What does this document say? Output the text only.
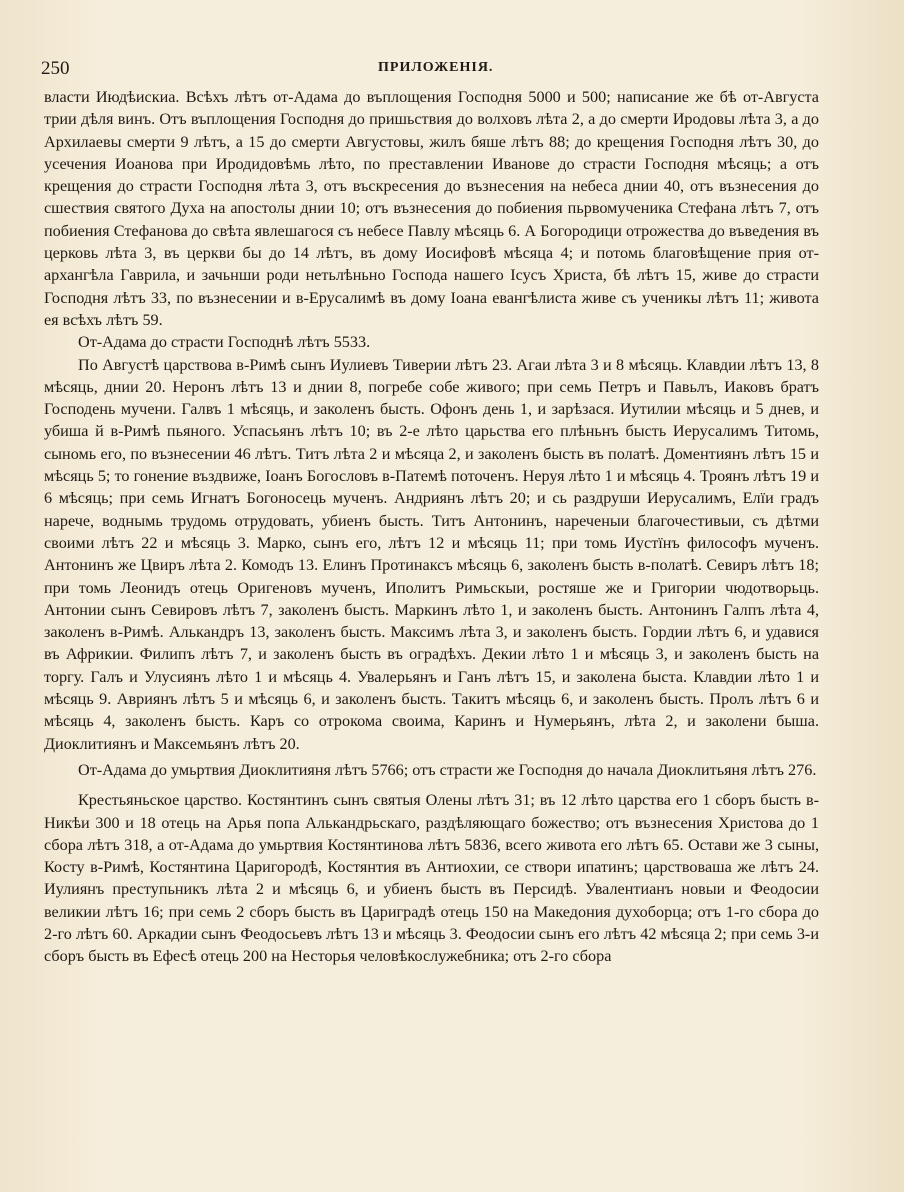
250	ПРИЛОЖЕНІЯ.

власти Июдѣискиа. Всѣхъ лѣтъ от-Адама до въплощения Господня 5000 и 500; написание же бѣ от-Августа трии дѣля винъ. Отъ въплощения Господня до пришьствия до волховъ лѣта 2, а до смерти Иродовы лѣта 3, а до Архилаевы смерти 9 лѣтъ, а 15 до смерти Августовы, жилъ бяше лѣтъ 88; до крещения Господня лѣтъ 30, до усечения Иоанова при Иродидовѣмь лѣто, по преставлении Иванове до страсти Господня мѣсяць; а отъ крещения до страсти Господня лѣта 3, отъ въскресения до възнесения на небеса днии 40, отъ възнесения до сшествия святого Духа на апостолы днии 10; отъ възнесения до побиения пьрвомученика Стефана лѣтъ 7, отъ побиения Стефанова до свѣта явлешагося съ небесе Павлу мѣсяць 6. А Богородици отрожества до въведения въ церковь лѣта 3, въ церкви бы до 14 лѣтъ, въ дому Иосифовѣ мѣсяца 4; и потомь благовѣщение прия от-архангѣла Гаврила, и зачьнши роди нетьлѣньно Господа нашего Ісусъ Христа, бѣ лѣтъ 15, живе до страсти Господня лѣтъ 33, по възнесении и в-Ерусалимѣ въ дому Іоана евангѣлиста живе съ ученикы лѣтъ 11; живота ея всѣхъ лѣтъ 59.

От-Адама до страсти Господнѣ лѣтъ 5533.

По Августѣ царствова в-Римѣ сынъ Иулиевъ Тиверии лѣтъ 23. Агаи лѣта 3 и 8 мѣсяць. Клавдии лѣтъ 13, 8 мѣсяць, днии 20. Неронъ лѣтъ 13 и днии 8, погребе собе живого; при семь Петръ и Павьлъ, Иаковъ братъ Господень мучени. Галвъ 1 мѣсяць, и заколенъ бысть. Офонъ день 1, и зарѣзася. Иутилии мѣсяць и 5 днев, и убиша й в-Римѣ пьяного. Успасьянъ лѣтъ 10; въ 2-е лѣто царьства его плѣньнъ бысть Иерусалимъ Титомь, сыномь его, по възнесении 46 лѣтъ. Титъ лѣта 2 и мѣсяца 2, и заколенъ бысть въ полатѣ. Доментиянъ лѣтъ 15 и мѣсяць 5; то гонение въздвиже, Іоанъ Богословъ в-Патемѣ поточенъ. Неруя лѣто 1 и мѣсяць 4. Троянъ лѣтъ 19 и 6 мѣсяць; при семь Игнатъ Богоносець мученъ. Андриянъ лѣтъ 20; и сь раздруши Иерусалимъ, Елїи градъ нарече, воднымь трудомь отрудовать, убиенъ бысть. Титъ Антонинъ, нареченыи благочестивыи, съ дѣтми своими лѣтъ 22 и мѣсяць 3. Марко, сынъ его, лѣтъ 12 и мѣсяць 11; при томь Иустїнъ философъ мученъ. Антонинъ же Цвиръ лѣта 2. Комодъ 13. Елинъ Протинаксъ мѣсяць 6, заколенъ бысть в-полатѣ. Севиръ лѣтъ 18; при томь Леонидъ отець Оригеновъ мученъ, Иполитъ Римьскыи, ростяше же и Григории чюдотворьць. Антонии сынъ Севировъ лѣтъ 7, заколенъ бысть. Маркинъ лѣто 1, и заколенъ бысть. Антонинъ Галпъ лѣта 4, заколенъ в-Римѣ. Алькандръ 13, заколенъ бысть. Максимъ лѣта 3, и заколенъ бысть. Гордии лѣтъ 6, и удавися въ Африкии. Филипъ лѣтъ 7, и заколенъ бысть въ оградѣхъ. Декии лѣто 1 и мѣсяць 3, и заколенъ бысть на торгу. Галъ и Улусиянъ лѣто 1 и мѣсяць 4. Увалерьянъ и Ганъ лѣтъ 15, и заколена быста. Клавдии лѣто 1 и мѣсяць 9. Авриянъ лѣтъ 5 и мѣсяць 6, и заколенъ бысть. Такитъ мѣсяць 6, и заколенъ бысть. Пролъ лѣтъ 6 и мѣсяць 4, заколенъ бысть. Каръ со отрокома своима, Каринъ и Нумерьянъ, лѣта 2, и заколени быша. Диоклитиянъ и Максемьянъ лѣтъ 20.

От-Адама до умьртвия Диоклитияня лѣтъ 5766; отъ страсти же Господня до начала Диоклитьяня лѣтъ 276.

Крестьяньское царство. Костянтинъ сынъ святыя Олены лѣтъ 31; въ 12 лѣто царства его 1 сборъ бысть в-Никѣи 300 и 18 отець на Арья попа Алькандрьскаго, раздѣляющаго божество; отъ възнесения Христова до 1 сбора лѣтъ 318, а от-Адама до умьртвия Костянтинова лѣтъ 5836, всего живота его лѣтъ 65. Остави же 3 сыны, Косту в-Римѣ, Костянтина Царигородѣ, Костянтия въ Антиохии, се створи ипатинъ; царствоваша же лѣтъ 24. Иулиянъ преступьникъ лѣта 2 и мѣсяць 6, и убиенъ бысть въ Персидѣ. Увалентианъ новыи и Феодосии великии лѣтъ 16; при семь 2 сборъ бысть въ Цариградѣ отець 150 на Македония духоборца; отъ 1-го сбора до 2-го лѣтъ 60. Аркадии сынъ Феодосьевъ лѣтъ 13 и мѣсяць 3. Феодосии сынъ его лѣтъ 42 мѣсяца 2; при семь 3-и сборъ бысть въ Ефесѣ отець 200 на Несторья человѣкослужебника; отъ 2-го сбора
